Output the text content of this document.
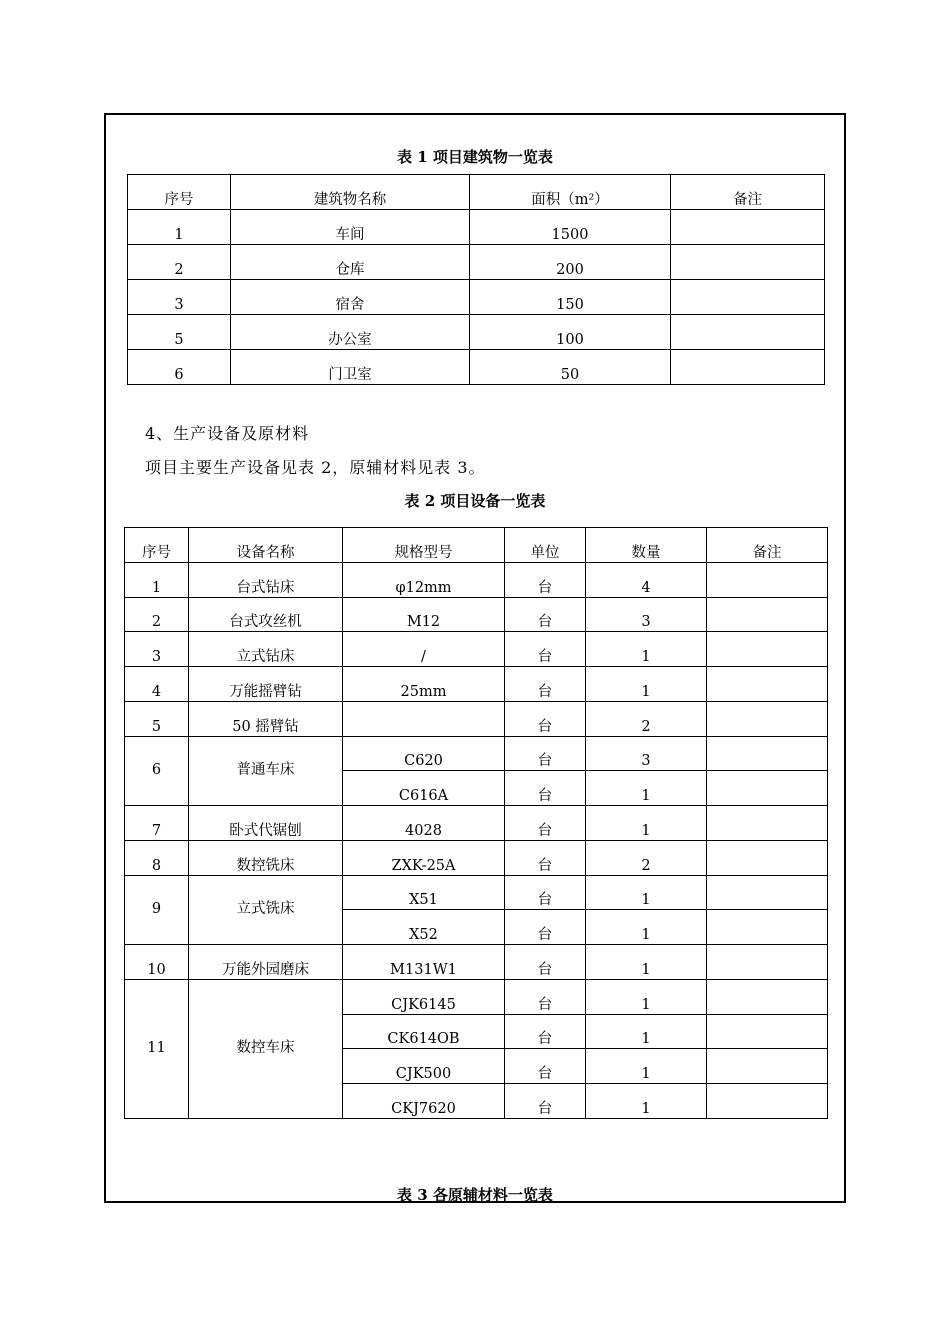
表 1 项目建筑物一览表
序号	建筑物名称	面积（m²）	备注
1	车间	1500	
2	仓库	200	
3	宿舍	150	
5	办公室	100	
6	门卫室	50	
4、生产设备及原材料
项目主要生产设备见表 2，原辅材料见表 3。
表 2 项目设备一览表
序号	设备名称	规格型号	单位	数量	备注
1	台式钻床	φ12mm	台	4	
2	台式攻丝机	M12	台	3	
3	立式钻床	/	台	1	
4	万能摇臂钻	25mm	台	1	
5	50 摇臂钻		台	2	
6	普通车床	C620	台	3	
		C616A	台	1	
7	卧式代锯刨	4028	台	1	
8	数控铣床	ZXK-25A	台	2	
9	立式铣床	X51	台	1	
		X52	台	1	
10	万能外园磨床	M131W1	台	1	
11	数控车床	CJK6145	台	1	
		CK614OB	台	1	
		CJK500	台	1	
		CKJ7620	台	1	
表 3 各原辅材料一览表
